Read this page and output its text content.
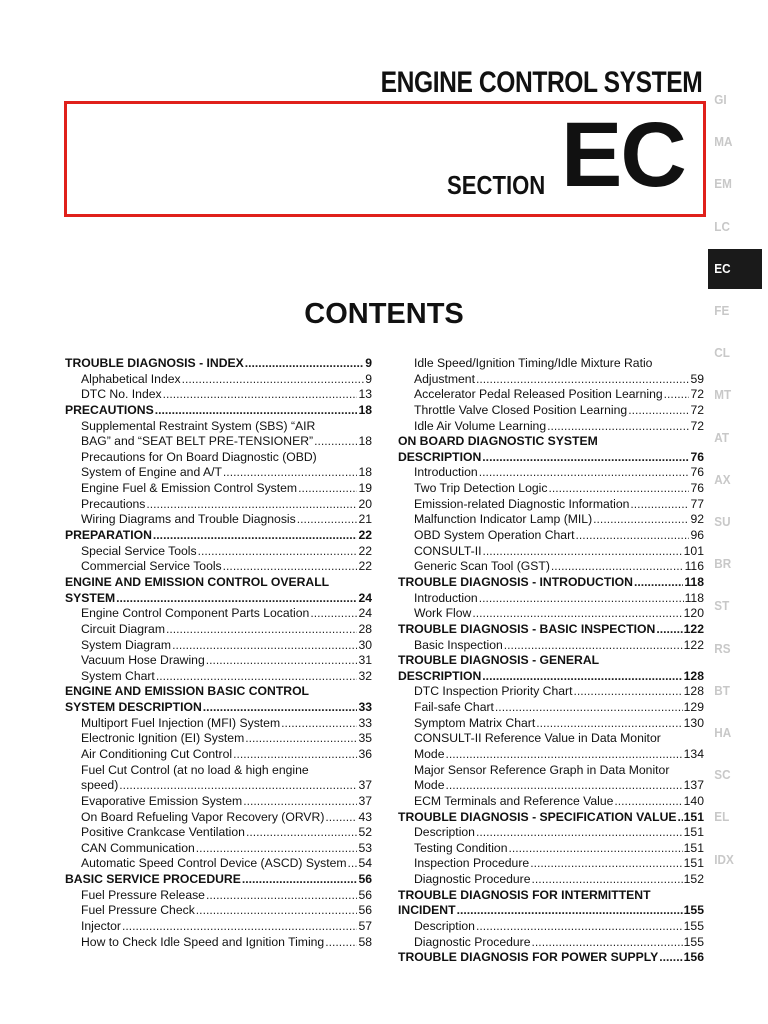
ENGINE CONTROL SYSTEM
SECTION EC
CONTENTS
TROUBLE DIAGNOSIS - INDEX .....	9
Alphabetical Index .....	9
DTC No. Index .....	13
PRECAUTIONS .....	18
Supplemental Restraint System (SBS) “AIR
BAG” and “SEAT BELT PRE-TENSIONER” .....	18
Precautions for On Board Diagnostic (OBD)
System of Engine and A/T .....	18
Engine Fuel & Emission Control System .....	19
Precautions .....	20
Wiring Diagrams and Trouble Diagnosis .....	21
PREPARATION .....	22
Special Service Tools .....	22
Commercial Service Tools .....	22
ENGINE AND EMISSION CONTROL OVERALL
SYSTEM .....	24
Engine Control Component Parts Location .....	24
Circuit Diagram .....	28
System Diagram .....	30
Vacuum Hose Drawing .....	31
System Chart .....	32
ENGINE AND EMISSION BASIC CONTROL
SYSTEM DESCRIPTION .....	33
Multiport Fuel Injection (MFI) System .....	33
Electronic Ignition (EI) System .....	35
Air Conditioning Cut Control .....	36
Fuel Cut Control (at no load & high engine
speed) .....	37
Evaporative Emission System .....	37
On Board Refueling Vapor Recovery (ORVR) .....	43
Positive Crankcase Ventilation .....	52
CAN Communication .....	53
Automatic Speed Control Device (ASCD) System ..... 54
BASIC SERVICE PROCEDURE .....	56
Fuel Pressure Release .....	56
Fuel Pressure Check .....	56
Injector .....	57
How to Check Idle Speed and Ignition Timing .....	58
Idle Speed/Ignition Timing/Idle Mixture Ratio
Adjustment .....	59
Accelerator Pedal Released Position Learning ..... 72
Throttle Valve Closed Position Learning .....	72
Idle Air Volume Learning .....	72
ON BOARD DIAGNOSTIC SYSTEM
DESCRIPTION .....	76
Introduction .....	76
Two Trip Detection Logic .....	76
Emission-related Diagnostic Information .....	77
Malfunction Indicator Lamp (MIL) .....	92
OBD System Operation Chart .....	96
CONSULT-II .....	101
Generic Scan Tool (GST) .....	116
TROUBLE DIAGNOSIS - INTRODUCTION .....	118
Introduction .....	118
Work Flow .....	120
TROUBLE DIAGNOSIS - BASIC INSPECTION ..... 122
Basic Inspection .....	122
TROUBLE DIAGNOSIS - GENERAL
DESCRIPTION .....	128
DTC Inspection Priority Chart .....	128
Fail-safe Chart .....	129
Symptom Matrix Chart .....	130
CONSULT-II Reference Value in Data Monitor
Mode .....	134
Major Sensor Reference Graph in Data Monitor
Mode .....	137
ECM Terminals and Reference Value .....	140
TROUBLE DIAGNOSIS - SPECIFICATION VALUE ..... 151
Description .....	151
Testing Condition .....	151
Inspection Procedure .....	151
Diagnostic Procedure .....	152
TROUBLE DIAGNOSIS FOR INTERMITTENT
INCIDENT .....	155
Description .....	155
Diagnostic Procedure .....	155
TROUBLE DIAGNOSIS FOR POWER SUPPLY ..... 156
GI
MA
EM
LC
EC
FE
CL
MT
AT
AX
SU
BR
ST
RS
BT
HA
SC
EL
IDX
